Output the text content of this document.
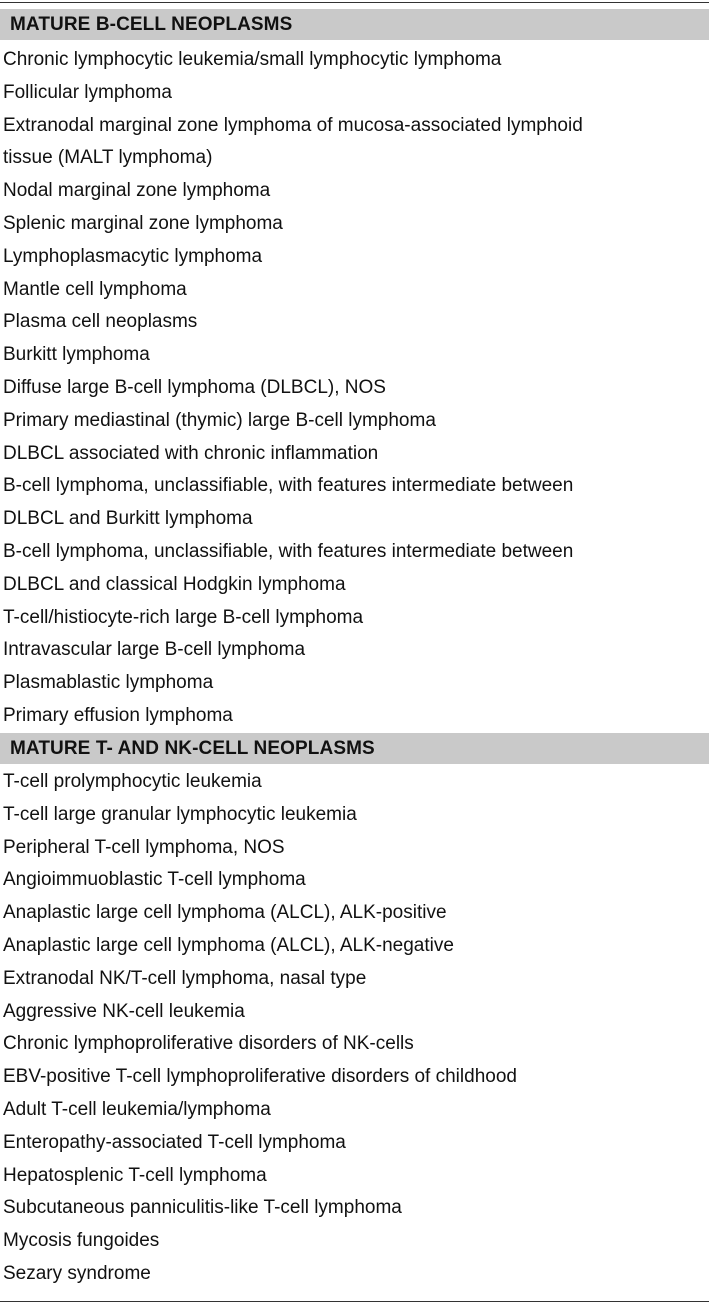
MATURE B-CELL NEOPLASMS
Chronic lymphocytic leukemia/small lymphocytic lymphoma
Follicular lymphoma
Extranodal marginal zone lymphoma of mucosa-associated lymphoid
tissue (MALT lymphoma)
Nodal marginal zone lymphoma
Splenic marginal zone lymphoma
Lymphoplasmacytic lymphoma
Mantle cell lymphoma
Plasma cell neoplasms
Burkitt lymphoma
Diffuse large B-cell lymphoma (DLBCL), NOS
Primary mediastinal (thymic) large B-cell lymphoma
DLBCL associated with chronic inflammation
B-cell lymphoma, unclassifiable, with features intermediate between
DLBCL and Burkitt lymphoma
B-cell lymphoma, unclassifiable, with features intermediate between
DLBCL and classical Hodgkin lymphoma
T-cell/histiocyte-rich large B-cell lymphoma
Intravascular large B-cell lymphoma
Plasmablastic lymphoma
Primary effusion lymphoma
MATURE T- AND NK-CELL NEOPLASMS
T-cell prolymphocytic leukemia
T-cell large granular lymphocytic leukemia
Peripheral T-cell lymphoma, NOS
Angioimmuoblastic T-cell lymphoma
Anaplastic large cell lymphoma (ALCL), ALK-positive
Anaplastic large cell lymphoma (ALCL), ALK-negative
Extranodal NK/T-cell lymphoma, nasal type
Aggressive NK-cell leukemia
Chronic lymphoproliferative disorders of NK-cells
EBV-positive T-cell lymphoproliferative disorders of childhood
Adult T-cell leukemia/lymphoma
Enteropathy-associated T-cell lymphoma
Hepatosplenic T-cell lymphoma
Subcutaneous panniculitis-like T-cell lymphoma
Mycosis fungoides
Sezary syndrome
